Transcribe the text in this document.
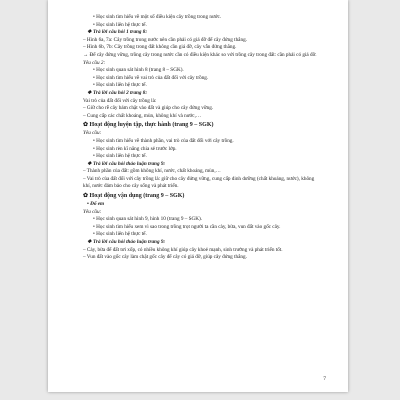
• Học sinh tìm hiểu về một số điều kiện cây trồng trong nước.
• Học sinh liên hệ thực tế.
❖ Trả lời câu hỏi 1 trang 8:
– Hình 6a, 7a: Cây trồng trong nước nên cần phải có giá đỡ để cây đứng thẳng.
– Hình 6b, 7b: Cây trồng trong đất không cần giá đỡ, cây vẫn đứng thẳng.
→ Để cây đứng vững, trồng cây trong nước cần có điều kiện khác so với trồng cây trong đất: cần phải có giá đỡ.
Yêu cầu 2:
• Học sinh quan sát hình 8 (trang 8 – SGK).
• Học sinh tìm hiểu về vai trò của đất đối với cây trồng.
• Học sinh liên hệ thực tế.
❖ Trả lời câu hỏi 2 trang 8:
Vai trò của đất đối với cây trồng là:
– Giữ cho rễ cây bám chặt vào đất và giúp cho cây đứng vững.
– Cung cấp các chất khoáng, mùn, không khí và nước,…
✿ Hoạt động luyện tập, thực hành (trang 9 – SGK)
Yêu cầu:
• Học sinh tìm hiểu về thành phần, vai trò của đất đối với cây trồng.
• Học sinh rèn kĩ năng chia sẻ trước lớp.
• Học sinh liên hệ thực tế.
❖ Trả lời câu hỏi thảo luận trang 9:
– Thành phần của đất: gồm không khí, nước, chất khoáng, mùn,…
– Vai trò của đất đối với cây trồng là: giữ cho cây đứng vững, cung cấp dinh dưỡng (chất khoáng, nước), không khí, nước đảm bảo cho cây sống và phát triển.
✿ Hoạt động vận dụng (trang 9 – SGK)
• Đố em
Yêu cầu:
• Học sinh quan sát hình 9, hình 10 (trang 9 – SGK).
• Học sinh tìm hiểu xem vì sao trong trồng trọt người ta cần cày, bừa, vun đất vào gốc cây.
• Học sinh liên hệ thực tế.
❖ Trả lời câu hỏi thảo luận trang 9:
– Cày, bừa để đất tơi xốp, có nhiều không khí giúp cây khoẻ mạnh, sinh trưởng và phát triển tốt.
– Vun đất vào gốc cây làm chặt gốc cây để cây có giá đỡ, giúp cây đứng thẳng.
7
